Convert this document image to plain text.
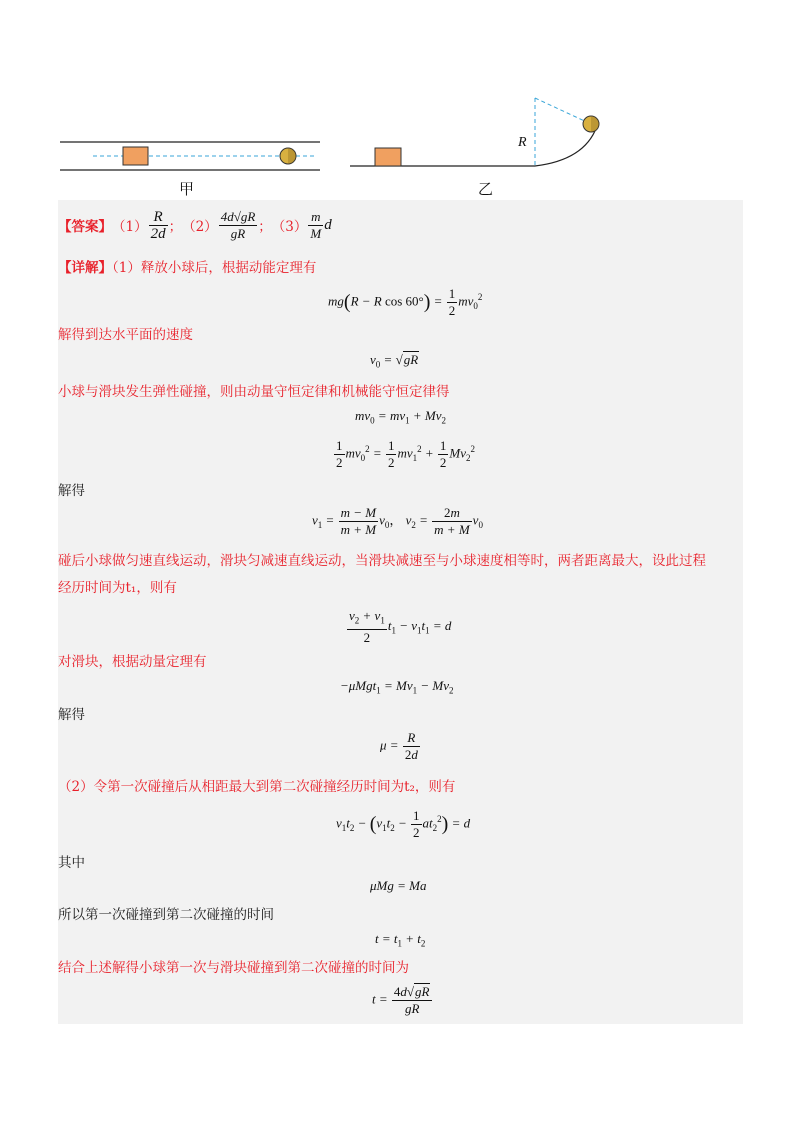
甲
R
乙
【答案】 $(1) \frac{R}{2d}$ ； $(2) \frac{4d√gR}{gR}$ ； $(3) \frac{m}{M}$ d
【详解】（1）释放小球后，根据动能定理有
mg(R − R $\cos 60^\circ) = \frac{1}{2} mv_0^2$
解得到达水平面的速度
$v_0 = √gR$
小球与滑块发生弹性碰撞，则由动量守恒定律和机械能守恒定律得
$mv_0 = mv_1 + Mv_2$
$\frac{1}{2} mv_0^2 = \frac{1}{2} mv_1^2 + \frac{1}{2} Mv_2^2$
解得
$v_1 = \frac{m - M}{m + M} v_0$， $v_2 = \frac{2m}{m + M} v_0$
碰后小球做匀速直线运动，滑块匀减速直线运动，当滑块减速至与小球速度相等时，两者距离最大，设此过程
经历时间为t₁，则有
$\frac{v_2 + v_1}{2} t_1 - v_1t_1 = d$
对滑块，根据动量定理有
$-\mu Mgt_1 = Mv_1 - Mv_2$
解得
$\mu = \frac{R}{2d}$
（2）令第一次碰撞后从相距最大到第二次碰撞经历时间为t₂，则有
$v_1t_2 - (v_1t_2 - \frac{1}{2} at_2^2) = d$
其中
μMg = Ma
所以第一次碰撞到第二次碰撞的时间
$t = t_1 + t_2$
结合上述解得小球第一次与滑块碰撞到第二次碰撞的时间为
$t = \frac{4d√gR}{gR}$
